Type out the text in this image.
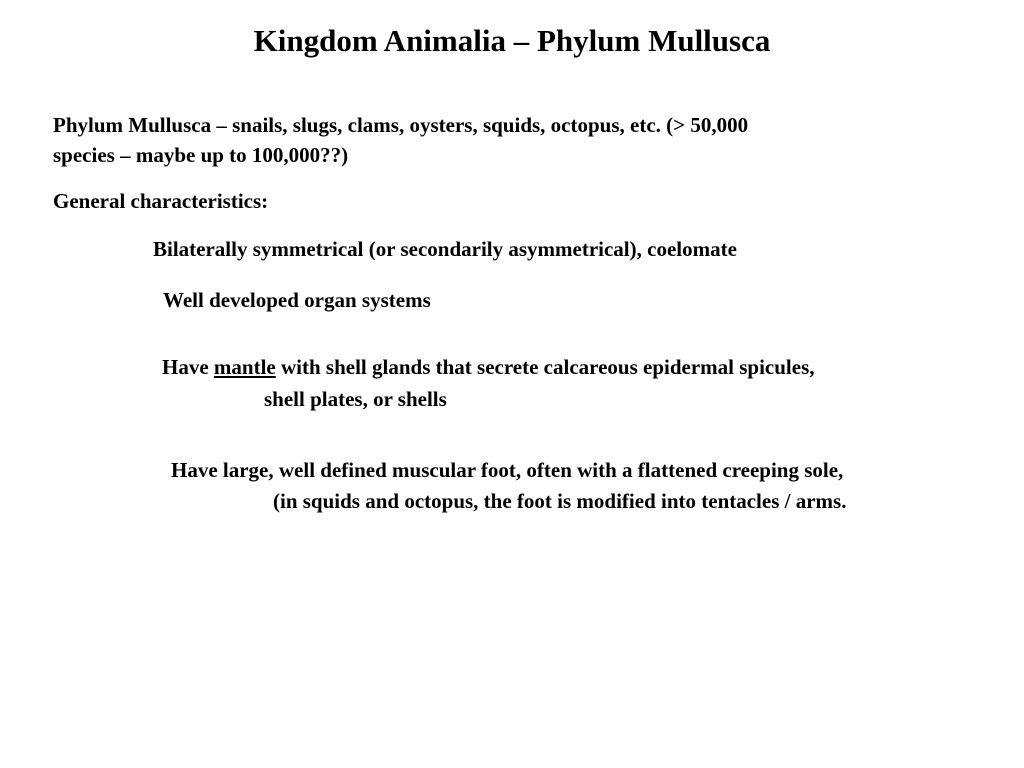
Kingdom Animalia – Phylum Mullusca

Phylum Mullusca – snails, slugs, clams, oysters, squids, octopus, etc. (> 50,000
species – maybe up to 100,000??)

General characteristics:

Bilaterally symmetrical (or secondarily asymmetrical), coelomate

Well developed organ systems

Have mantle with shell glands that secrete calcareous epidermal spicules,

shell plates, or shells

Have large, well defined muscular foot, often with a flattened creeping sole,

(in squids and octopus, the foot is modified into tentacles / arms.
